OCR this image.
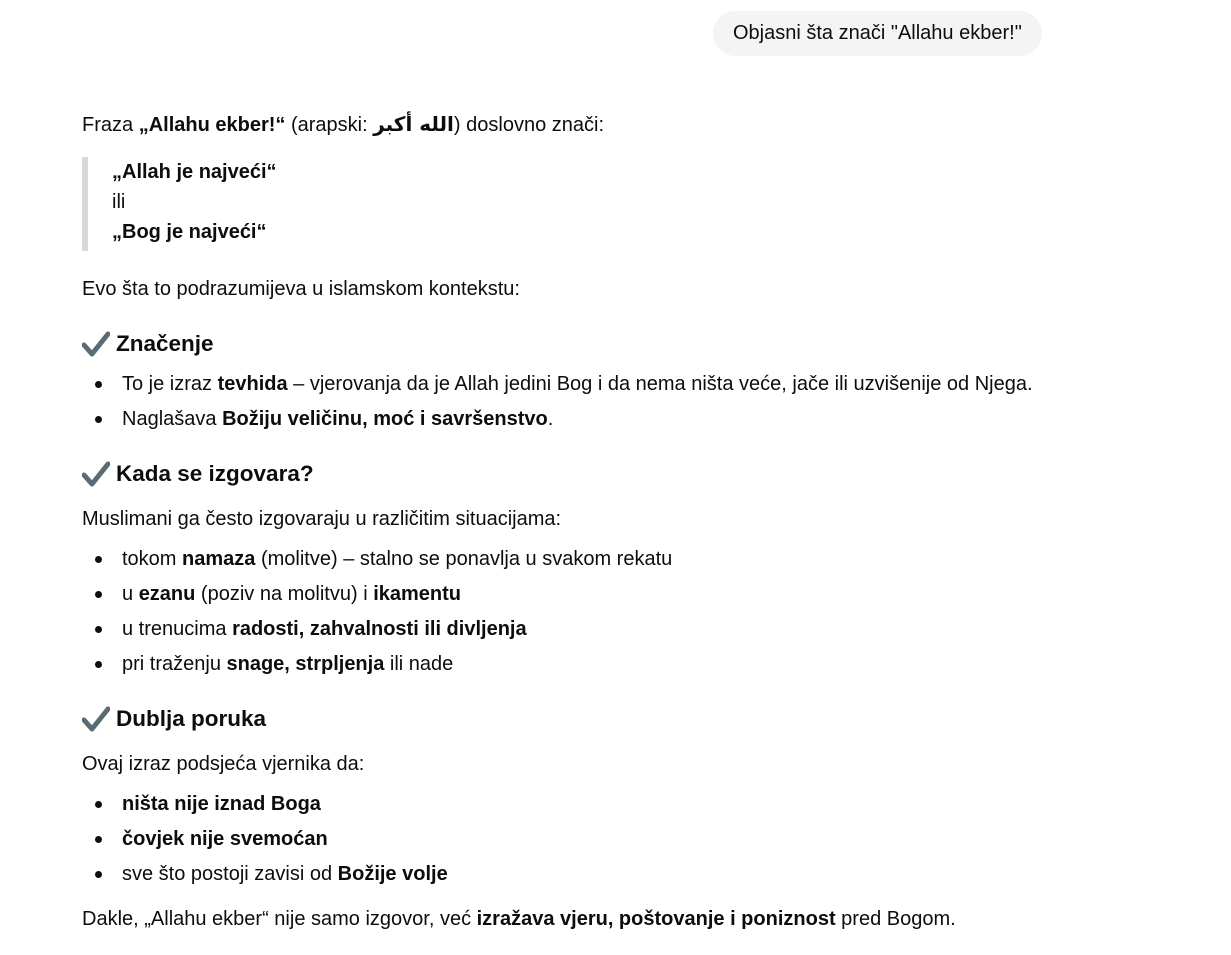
Objasni šta znači "Allahu ekber!"
Fraza „Allahu ekber!“ (arapski: الله أكبر) doslovno znači:
„Allah je najveći“
ili
„Bog je najveći“
Evo šta to podrazumijeva u islamskom kontekstu:
Značenje
To je izraz tevhida – vjerovanja da je Allah jedini Bog i da nema ništa veće, jače ili uzvišenije od Njega.
Naglašava Božiju veličinu, moć i savršenstvo.
Kada se izgovara?
Muslimani ga često izgovaraju u različitim situacijama:
tokom namaza (molitve) – stalno se ponavlja u svakom rekatu
u ezanu (poziv na molitvu) i ikamentu
u trenucima radosti, zahvalnosti ili divljenja
pri traženju snage, strpljenja ili nade
Dublja poruka
Ovaj izraz podsjeća vjernika da:
ništa nije iznad Boga
čovjek nije svemoćan
sve što postoji zavisi od Božije volje
Dakle, „Allahu ekber“ nije samo izgovor, već izražava vjeru, poštovanje i poniznost pred Bogom.
